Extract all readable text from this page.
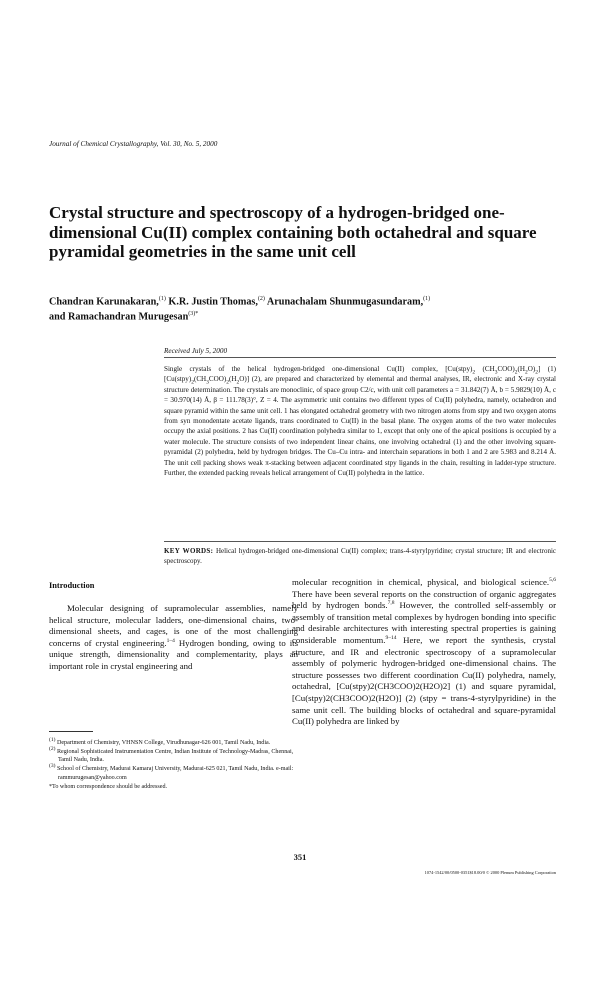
Journal of Chemical Crystallography, Vol. 30, No. 5, 2000
Crystal structure and spectroscopy of a hydrogen-bridged one-dimensional Cu(II) complex containing both octahedral and square pyramidal geometries in the same unit cell
Chandran Karunakaran,$^{(1)}$ K.R. Justin Thomas,$^{(2)}$ Arunachalam Shunmugasundaram,$^{(1)}$
and Ramachandran Murugesan$^{(3)*}$
Received July 5, 2000
Single crystals of the helical hydrogen-bridged one-dimensional Cu(II) complex, [$Cu(stpy)_2$ $(CH_3COO)_2(H_2O)_2$] (1) $[Cu(stpy)_2(CH_3COO)_2(H_2O)]$ (2), are prepared and characterized by elemental and thermal analyses, IR, electronic and X-ray crystal structure determination. The crystals are monoclinic, of space group C2/c, with unit cell parameters a = 31.842(7) Å, b = 5.9829(10) Å, c = 30.970(14) Å, β = 111.78(3)°, Z = 4. The asymmetric unit contains two different types of Cu(II) polyhedra, namely, octahedron and square pyramid within the same unit cell. 1 has elongated octahedral geometry with two nitrogen atoms from stpy and two oxygen atoms from syn monodentate acetate ligands, trans coordinated to Cu(II) in the basal plane. The oxygen atoms of the two water molecules occupy the axial positions. 2 has Cu(II) coordination polyhedra similar to 1, except that only one of the apical positions is occupied by a water molecule. The structure consists of two independent linear chains, one involving octahedral (1) and the other involving square-pyramidal (2) polyhedra, held by hydrogen bridges. The Cu–Cu intra- and interchain separations in both 1 and 2 are 5.983 and 8.214 Å. The unit cell packing shows weak π-stacking between adjacent coordinated stpy ligands in the chain, resulting in ladder-type structure. Further, the extended packing reveals helical arrangement of Cu(II) polyhedra in the lattice.
KEY WORDS: Helical hydrogen-bridged one-dimensional Cu(II) complex; trans-4-styrylpyridine; crystal structure; IR and electronic spectroscopy.
Introduction
Molecular designing of supramolecular assemblies, namely helical structure, molecular ladders, one-dimensional chains, two-dimensional sheets, and cages, is one of the most challenging concerns of crystal engineering.$^{1-4}$ Hydrogen bonding, owing to its unique strength, dimensionality and complementarity, plays an important role in crystal engineering and
molecular recognition in chemical, physical, and biological science.$^{5,6}$ There have been several reports on the construction of organic aggregates held by hydrogen bonds.$^{7,8}$ However, the controlled self-assembly or assembly of transition metal complexes by hydrogen bonding into specific and desirable architectures with interesting spectral properties is gaining considerable momentum.$^{9-14}$ Here, we report the synthesis, crystal structure, and IR and electronic spectroscopy of a supramolecular assembly of polymeric hydrogen-bridged one-dimensional chains. The structure possesses two different coordination Cu(II) polyhedra, namely, octahedral, [Cu(stpy)2(CH3COO)2(H2O)2] (1) and square pyramidal, [Cu(stpy)2(CH3COO)2(H2O)] (2) (stpy = trans-4-styrylpyridine) in the same unit cell. The building blocks of octahedral and square-pyramidal Cu(II) polyhedra are linked by
$^{(1)}$ Department of Chemistry, VHNSN College, Virudhunagar-626 001, Tamil Nadu, India.
$^{(2)}$ Regional Sophisticated Instrumentation Centre, Indian Institute of Technology-Madras, Chennai, Tamil Nadu, India.
$^{(3)}$ School of Chemistry, Madurai Kamaraj University, Madurai-625 021, Tamil Nadu, India. e-mail: rammurugesan@yahoo.com
*To whom correspondence should be addressed.
351
1074-1542/00/0500-0351$18.00/0 © 2000 Plenum Publishing Corporation
